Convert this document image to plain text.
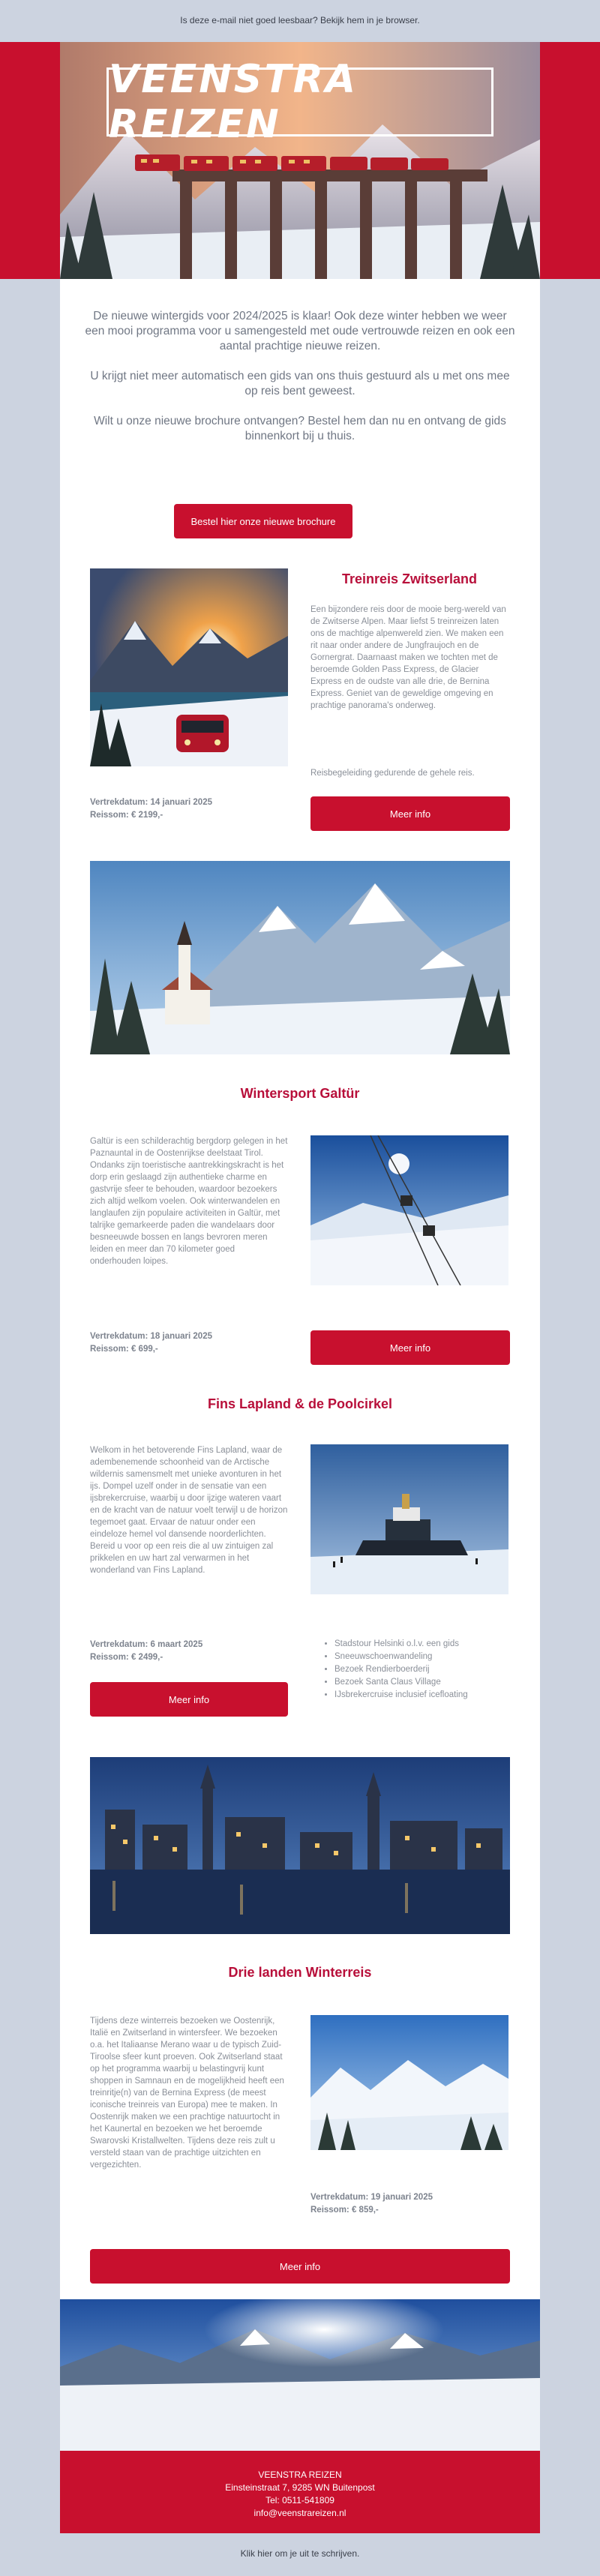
Is deze e-mail niet goed leesbaar? Bekijk hem in je browser.
VEENSTRA REIZEN

De nieuwe wintergids voor 2024/2025 is klaar! Ook deze winter hebben we weer een mooi programma voor u samengesteld met oude vertrouwde reizen en ook een aantal prachtige nieuwe reizen.

U krijgt niet meer automatisch een gids van ons thuis gestuurd als u met ons mee op reis bent geweest.

Wilt u onze nieuwe brochure ontvangen? Bestel hem dan nu en ontvang de gids binnenkort bij u thuis.

Bestel hier onze nieuwe brochure
Treinreis Zwitserland
Een bijzondere reis door de mooie berg-wereld van de Zwitserse Alpen. Maar liefst 5 treinreizen laten ons de machtige alpenwereld zien. We maken een rit naar onder andere de Jungfraujoch en de Gornergrat. Daarnaast maken we tochten met de beroemde Golden Pass Express, de Glacier Express en de oudste van alle drie, de Bernina Express. Geniet van de geweldige omgeving en prachtige panorama's onderweg.
Reisbegeleiding gedurende de gehele reis.
Vertrekdatum: 14 januari 2025
Reissom: € 2199,-	Meer info
Wintersport Galtür
Galtür is een schilderachtig bergdorp gelegen in het Paznauntal in de Oostenrijkse deelstaat Tirol. Ondanks zijn toeristische aantrekkingskracht is het dorp erin geslaagd zijn authentieke charme en gastvrije sfeer te behouden, waardoor bezoekers zich altijd welkom voelen. Ook winterwandelen en langlaufen zijn populaire activiteiten in Galtür, met talrijke gemarkeerde paden die wandelaars door besneeuwde bossen en langs bevroren meren leiden en meer dan 70 kilometer goed onderhouden loipes.
Vertrekdatum: 18 januari 2025
Reissom: € 699,-	Meer info
Fins Lapland & de Poolcirkel
Welkom in het betoverende Fins Lapland, waar de adembenemende schoonheid van de Arctische wildernis samensmelt met unieke avonturen in het ijs. Dompel uzelf onder in de sensatie van een ijsbrekercruise, waarbij u door ijzige wateren vaart en de kracht van de natuur voelt terwijl u de horizon tegemoet gaat. Ervaar de natuur onder een eindeloze hemel vol dansende noorderlichten. Bereid u voor op een reis die al uw zintuigen zal prikkelen en uw hart zal verwarmen in het wonderland van Fins Lapland.
Vertrekdatum: 6 maart 2025
Reissom: € 2499,-
Meer info
• Stadstour Helsinki o.l.v. een gids
• Sneeuwschoenwandeling
• Bezoek Rendierboerderij
• Bezoek Santa Claus Village
• IJsbrekercruise inclusief icefloating
Drie landen Winterreis
Tijdens deze winterreis bezoeken we Oostenrijk, Italië en Zwitserland in wintersfeer. We bezoeken o.a. het Italiaanse Merano waar u de typisch Zuid-Tiroolse sfeer kunt proeven. Ook Zwitserland staat op het programma waarbij u belastingvrij kunt shoppen in Samnaun en de mogelijkheid heeft een treinritje(n) van de Bernina Express (de meest iconische treinreis van Europa) mee te maken. In Oostenrijk maken we een prachtige natuurtocht in het Kaunertal en bezoeken we het beroemde Swarovski Kristallwelten. Tijdens deze reis zult u versteld staan van de prachtige uitzichten en vergezichten.
Vertrekdatum: 19 januari 2025
Reissom: € 859,-
Meer info
VEENSTRA REIZEN
Einsteinstraat 7, 9285 WN Buitenpost
Tel: 0511-541809
info@veenstrareizen.nl
Klik hier om je uit te schrijven.
